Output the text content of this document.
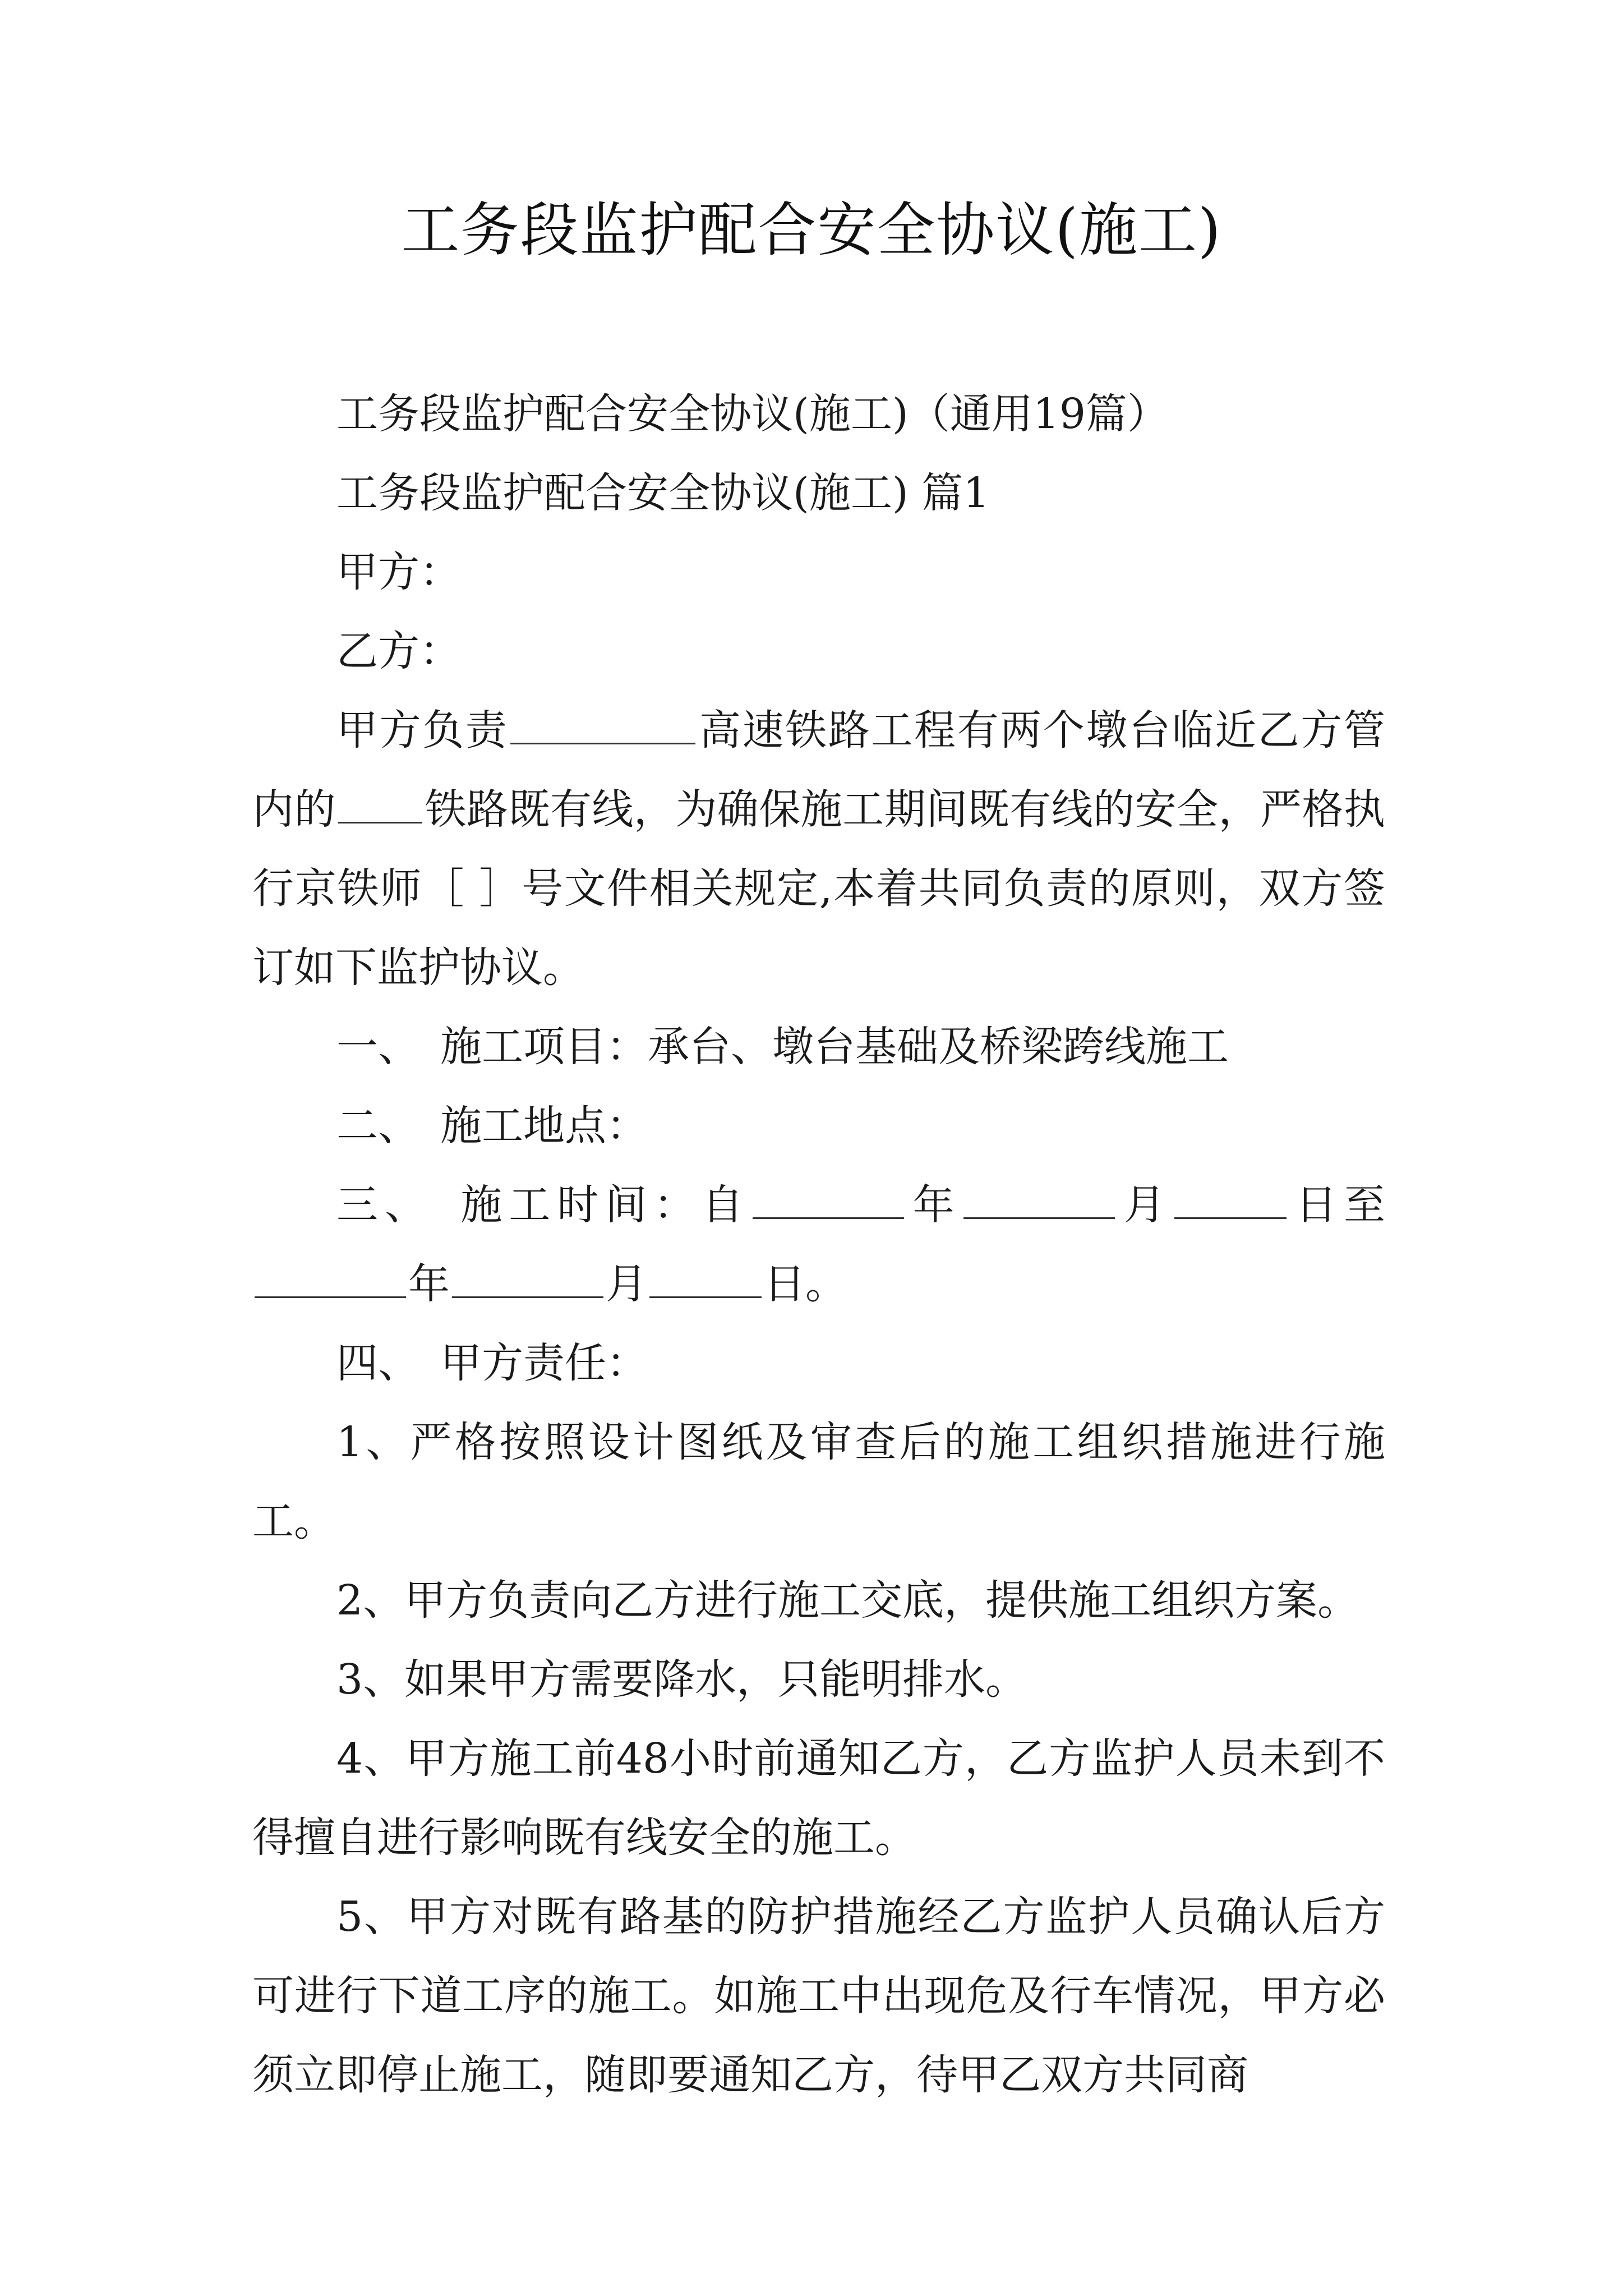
工务段监护配合安全协议(施工)

工务段监护配合安全协议(施工)（通用19篇）

工务段监护配合安全协议(施工) 篇1

甲方：

乙方：

甲方负责	高速铁路工程有两个墩台临近乙方管内的 铁路既有线，为确保施工期间既有线的安全，严格执行京铁师［ ］号文件相关规定,本着共同负责的原则，双方签订如下监护协议。

一、　施工项目：承台、墩台基础及桥梁跨线施工

二、　施工地点：

三、　施工时间：自	年	月	日至年	月	日。

四、　甲方责任：

1、严格按照设计图纸及审查后的施工组织措施进行施工。

2、甲方负责向乙方进行施工交底，提供施工组织方案。

3、如果甲方需要降水，只能明排水。

4、甲方施工前48小时前通知乙方，乙方监护人员未到不得擅自进行影响既有线安全的施工。

5、甲方对既有路基的防护措施经乙方监护人员确认后方可进行下道工序的施工。如施工中出现危及行车情况，甲方必须立即停止施工，随即要通知乙方，待甲乙双方共同商
